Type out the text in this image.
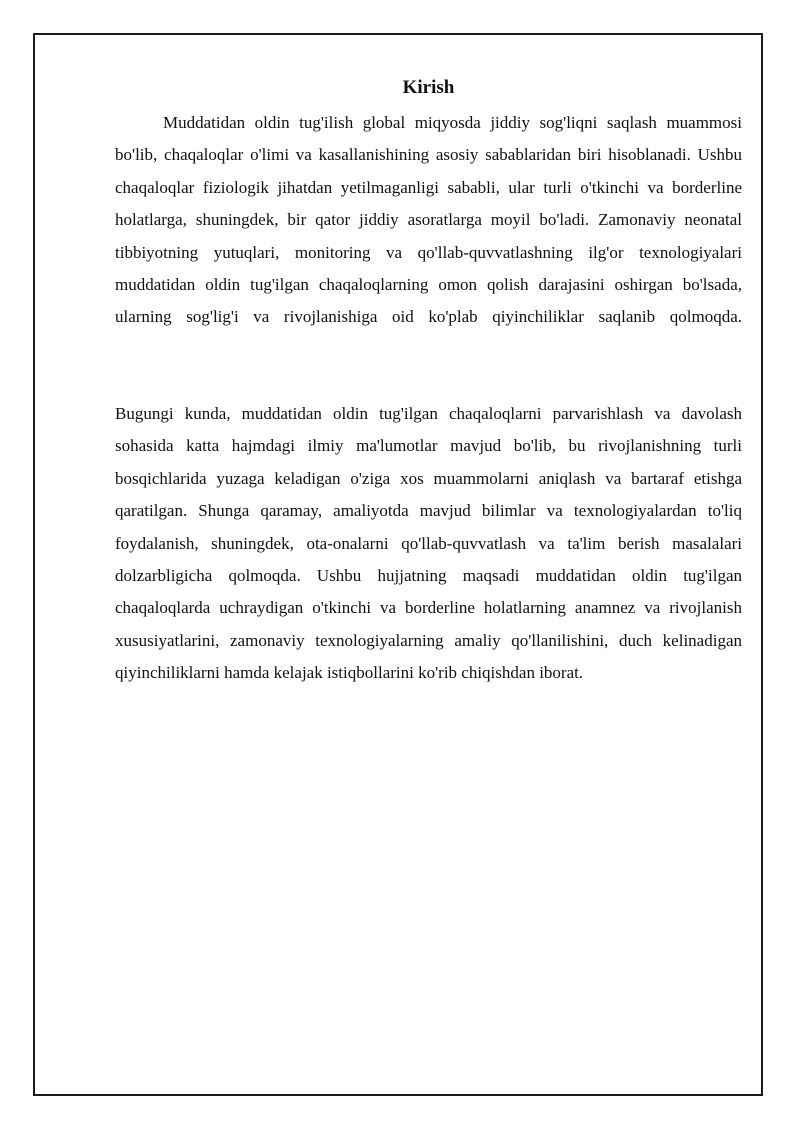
Kirish

Muddatidan oldin tug'ilish global miqyosda jiddiy sog'liqni saqlash muammosi bo'lib, chaqaloqlar o'limi va kasallanishining asosiy sabablaridan biri hisoblanadi. Ushbu chaqaloqlar fiziologik jihatdan yetilmaganligi sababli, ular turli o'tkinchi va borderline holatlarga, shuningdek, bir qator jiddiy asoratlarga moyil bo'ladi. Zamonaviy neonatal tibbiyotning yutuqlari, monitoring va qo'llab-quvvatlashning ilg'or texnologiyalari muddatidan oldin tug'ilgan chaqaloqlarning omon qolish darajasini oshirgan bo'lsada, ularning sog'lig'i va rivojlanishiga oid ko'plab qiyinchiliklar saqlanib qolmoqda.

Bugungi kunda, muddatidan oldin tug'ilgan chaqaloqlarni parvarishlash va davolash sohasida katta hajmdagi ilmiy ma'lumotlar mavjud bo'lib, bu rivojlanishning turli bosqichlarida yuzaga keladigan o'ziga xos muammolarni aniqlash va bartaraf etishga qaratilgan. Shunga qaramay, amaliyotda mavjud bilimlar va texnologiyalardan to'liq foydalanish, shuningdek, ota-onalarni qo'llab-quvvatlash va ta'lim berish masalalari dolzarbligicha qolmoqda. Ushbu hujjatning maqsadi muddatidan oldin tug'ilgan chaqaloqlarda uchraydigan o'tkinchi va borderline holatlarning anamnez va rivojlanish xususiyatlarini, zamonaviy texnologiyalarning amaliy qo'llanilishini, duch kelinadigan qiyinchiliklarni hamda kelajak istiqbollarini ko'rib chiqishdan iborat.
